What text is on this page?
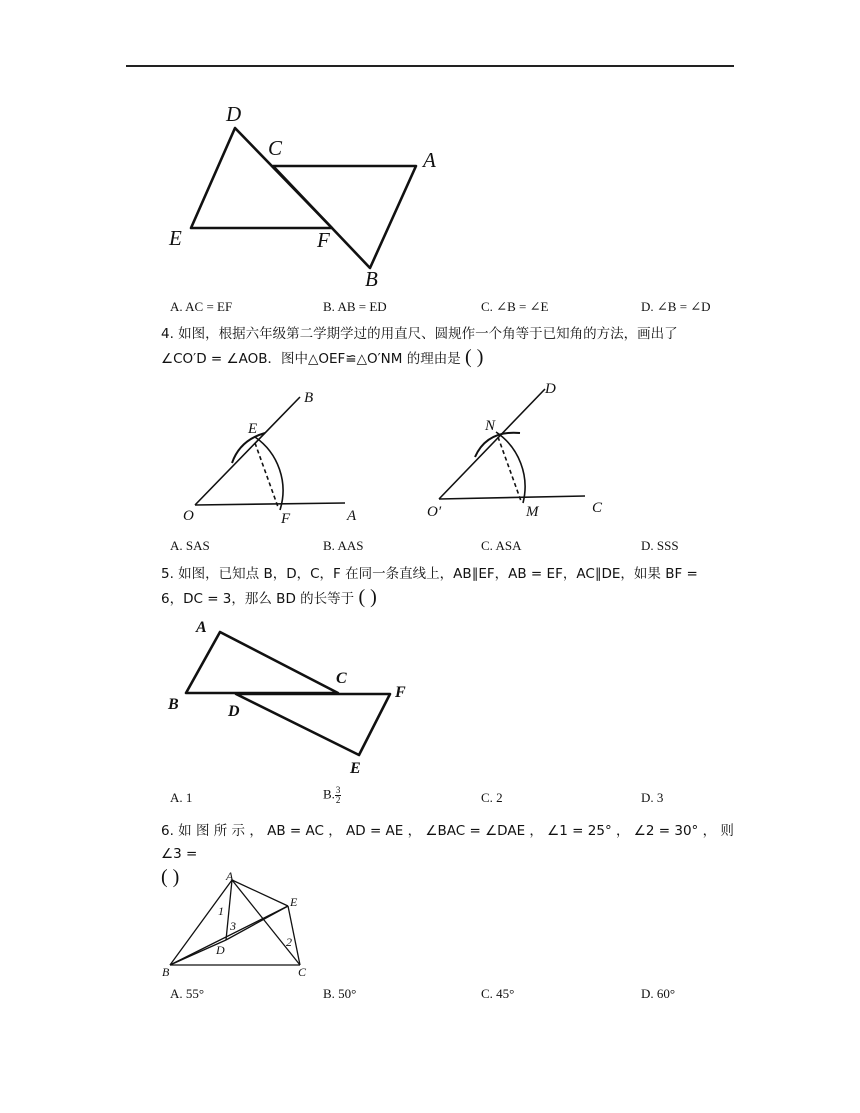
D
C	A
E	F
B
A. AC = EF	B. AB = ED	C. ∠B = ∠E	D. ∠B = ∠D
4. 如图，根据六年级第二学期学过的用直尺、圆规作一个角等于已知角的方法，画出了
∠CO′D = ∠AOB．图中△OEF≌△O′NM 的理由是 ( )
E
B
O	F	A
N
D
O′	M	C
A. SAS	B. AAS	C. ASA	D. SSS
5. 如图，已知点 B，D，C，F 在同一条直线上，AB∥EF，AB = EF，AC∥DE，如果 BF =
6，DC = 3，那么 BD 的长等于 ( )
A
C
F
B	D
E
A. 1	B. $\frac{3}{2}$	C. 2	D. 3
6. 如 图 所 示 ， AB = AC ， AD = AE ， ∠BAC = ∠DAE ， ∠1 = 25° ， ∠2 = 30° ， 则 ∠3 =
( )	A
E
1
3
D
2
B	C
A. 55°	B. 50°	C. 45°	D. 60°
